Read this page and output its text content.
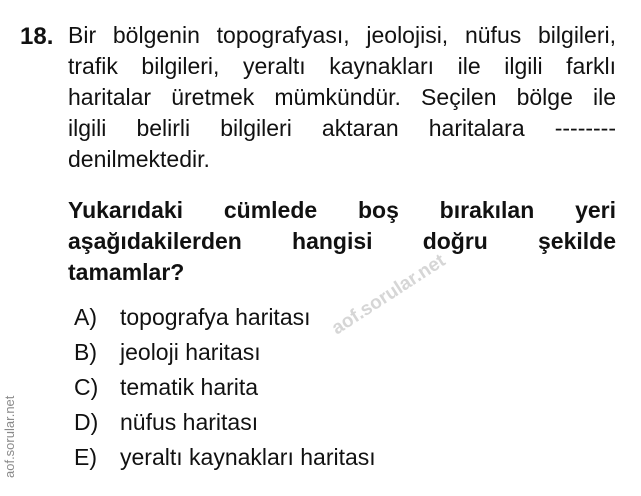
18. Bir bölgenin topografyası, jeolojisi, nüfus bilgileri,
trafik bilgileri, yeraltı kaynakları ile ilgili farklı
haritalar üretmek mümkündür. Seçilen bölge ile
ilgili belirli bilgileri aktaran haritalara --------
denilmektedir.
Yukarıdaki cümlede boş bırakılan yeri
aşağıdakilerden hangisi doğru şekilde
tamamlar?
A)	topografya haritası
B)	jeoloji haritası
C) tematik harita
D) nüfus haritası
E)	yeraltı kaynakları haritası
aof.sorular.net
aof.sorular.net
